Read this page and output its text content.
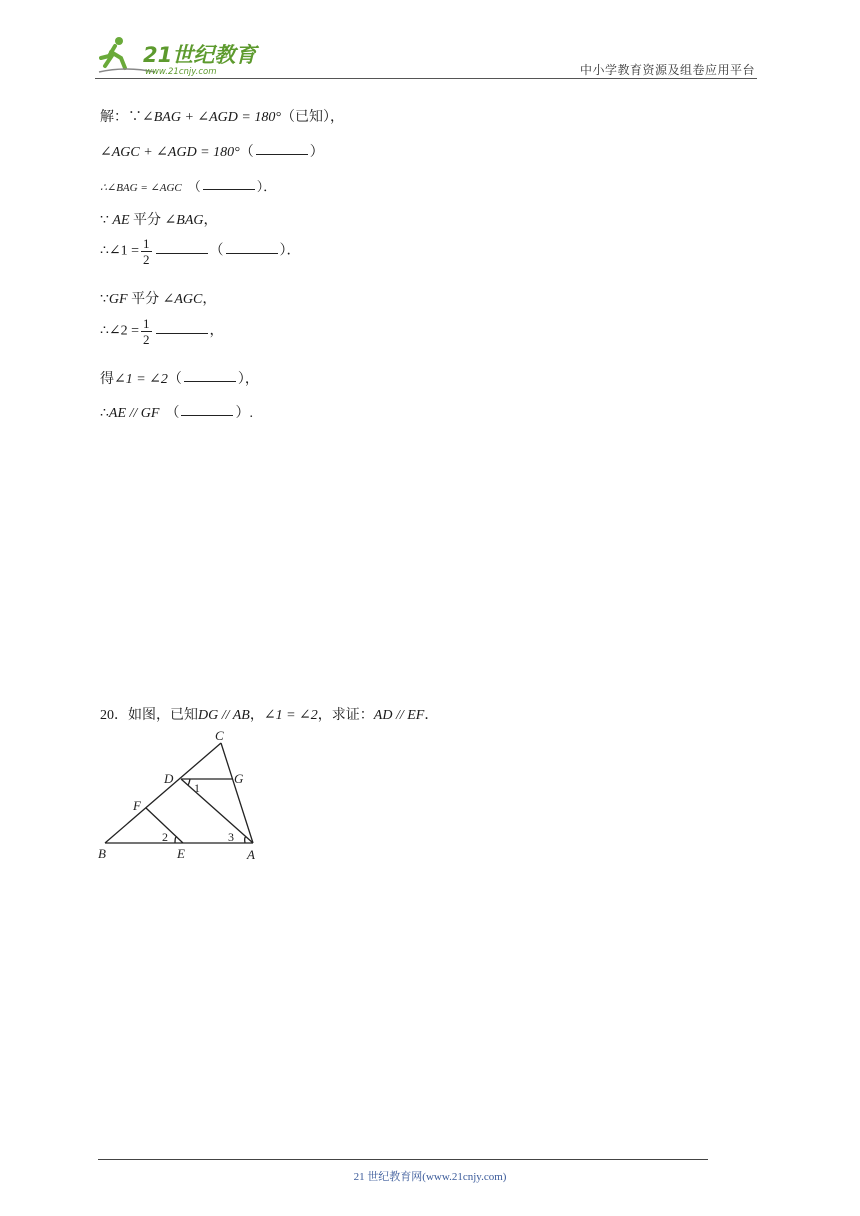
21世纪教育
www.21cnjy.com	中小学教育资源及组卷应用平台
解：∵∠BAG + ∠AGD = 180°（已知），
∠AGC + ∠AGD = 180°（	）
∴∠BAG = ∠AGC （	）．
∵ AE 平分 ∠BAG，
∴∠1 = $\frac{1}{2}$	（	）．
∵GF 平分 ∠AGC，
∴∠2 = $\frac{1}{2}$	，
得∠1 = ∠2（	），
∴AE // GF （	）.
20．如图，已知DG // AB，∠1 = ∠2，求证：AD // EF．
C
D	G
F
B	E	A
1
2	3
21 世纪教育网(www.21cnjy.com)
